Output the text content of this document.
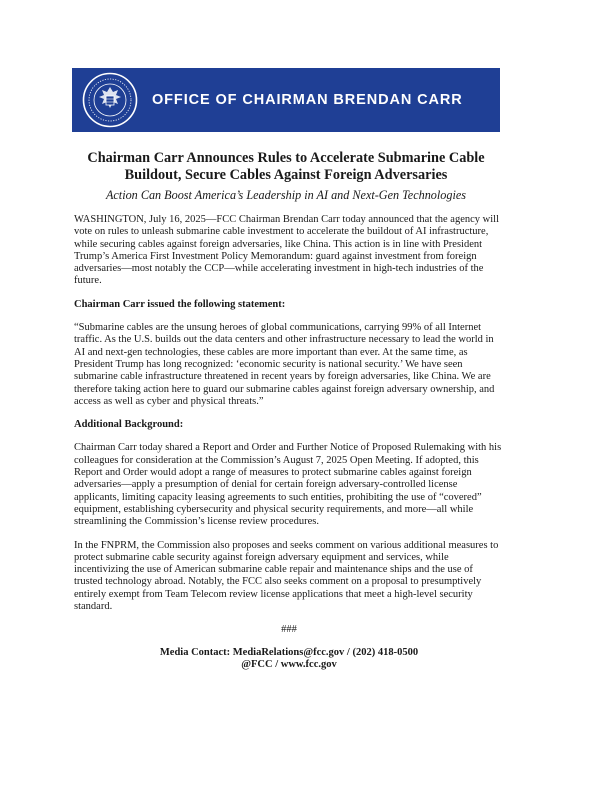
OFFICE OF CHAIRMAN BRENDAN CARR
Chairman Carr Announces Rules to Accelerate Submarine Cable
Buildout, Secure Cables Against Foreign Adversaries

Action Can Boost America’s Leadership in AI and Next-Gen Technologies

WASHINGTON, July 16, 2025—FCC Chairman Brendan Carr today announced that the agency will vote on rules to unleash submarine cable investment to accelerate the buildout of AI infrastructure, while securing cables against foreign adversaries, like China. This action is in line with President Trump’s America First Investment Policy Memorandum: guard against investment from foreign adversaries—most notably the CCP—while accelerating investment in high-tech industries of the future.

Chairman Carr issued the following statement:

“Submarine cables are the unsung heroes of global communications, carrying 99% of all Internet traffic. As the U.S. builds out the data centers and other infrastructure necessary to lead the world in AI and next-gen technologies, these cables are more important than ever. At the same time, as President Trump has long recognized: ‘economic security is national security.’ We have seen submarine cable infrastructure threatened in recent years by foreign adversaries, like China. We are therefore taking action here to guard our submarine cables against foreign adversary ownership, and access as well as cyber and physical threats.”

Additional Background:

Chairman Carr today shared a Report and Order and Further Notice of Proposed Rulemaking with his colleagues for consideration at the Commission’s August 7, 2025 Open Meeting. If adopted, this Report and Order would adopt a range of measures to protect submarine cables against foreign adversaries—apply a presumption of denial for certain foreign adversary-controlled license applicants, limiting capacity leasing agreements to such entities, prohibiting the use of “covered” equipment, establishing cybersecurity and physical security requirements, and more—all while streamlining the Commission’s license review procedures.

In the FNPRM, the Commission also proposes and seeks comment on various additional measures to protect submarine cable security against foreign adversary equipment and services, while incentivizing the use of American submarine cable repair and maintenance ships and the use of trusted technology abroad. Notably, the FCC also seeks comment on a proposal to presumptively entirely exempt from Team Telecom review license applications that meet a high-level security standard.

###

Media Contact: MediaRelations@fcc.gov / (202) 418-0500

@FCC / www.fcc.gov
